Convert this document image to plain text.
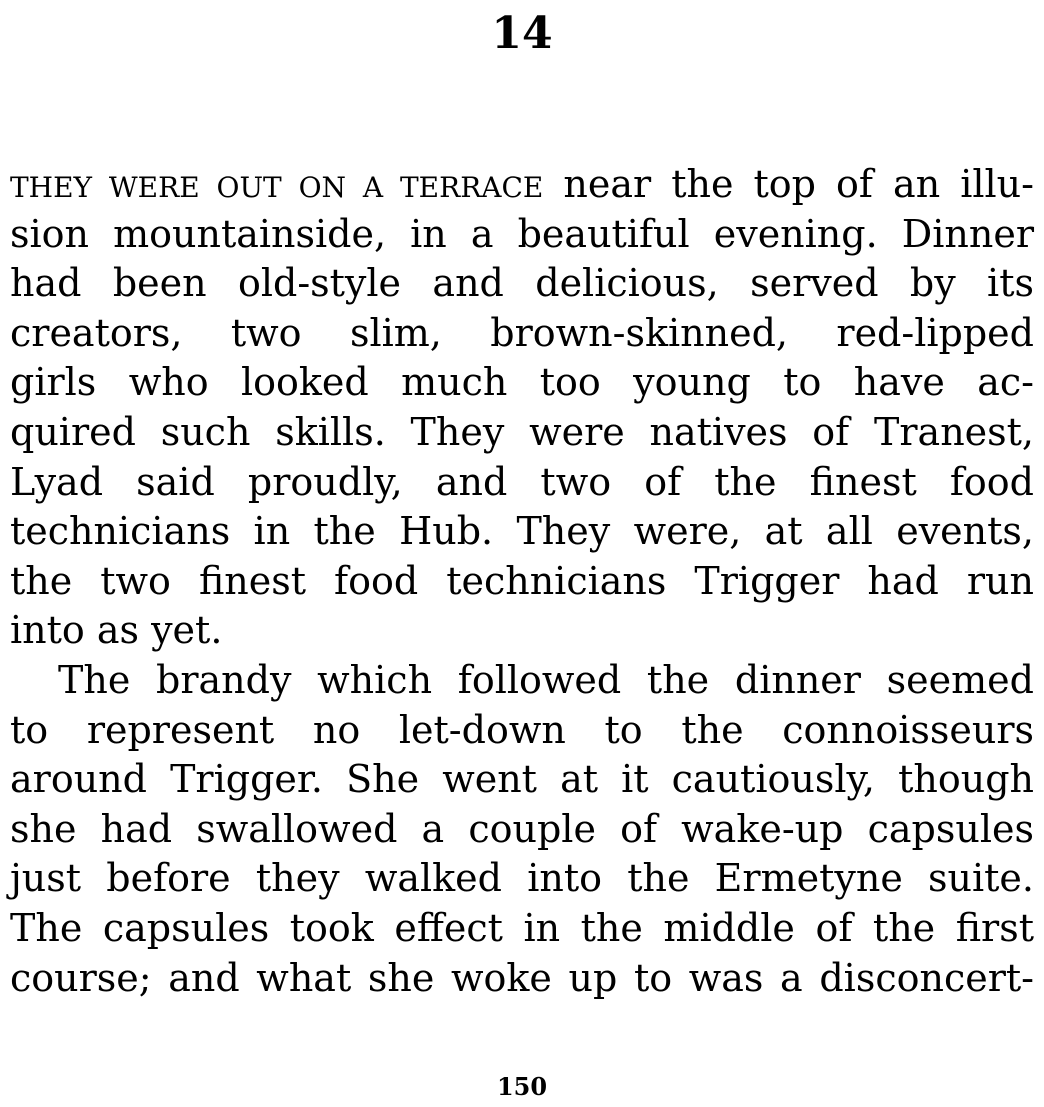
14
THEY WERE OUT ON A TERRACE near the top of an illu-
sion mountainside, in a beautiful evening. Dinner
had been old-style and delicious, served by its
creators, two slim, brown-skinned, red-lipped
girls who looked much too young to have ac-
quired such skills. They were natives of Tranest,
Lyad said proudly, and two of the finest food
technicians in the Hub. They were, at all events,
the two finest food technicians Trigger had run
into as yet.
The brandy which followed the dinner seemed
to represent no let-down to the connoisseurs
around Trigger. She went at it cautiously, though
she had swallowed a couple of wake-up capsules
just before they walked into the Ermetyne suite.
The capsules took effect in the middle of the first
course; and what she woke up to was a disconcert-
150
